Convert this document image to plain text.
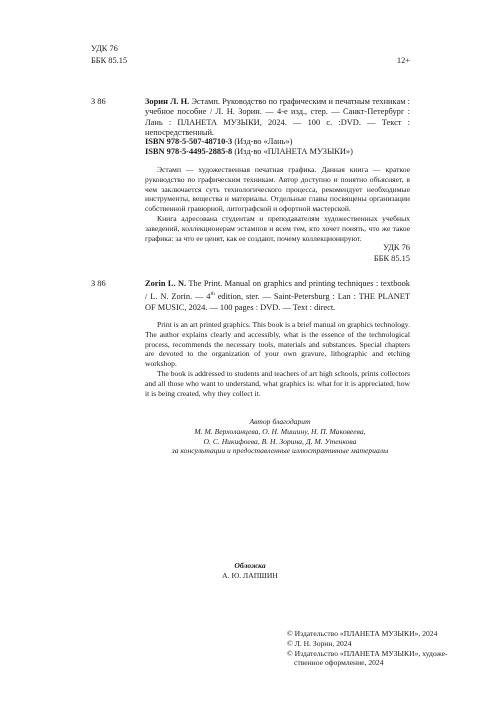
УДК 76
ББК 85.15	12+
З 86	Зорин Л. Н. Эстамп. Руководство по графическим и печатным техникам : учебное пособие / Л. Н. Зорин. — 4-е изд., стер. — Санкт-Петербург : Лань : ПЛАНЕТА МУЗЫКИ, 2024. — 100 с. :DVD. — Текст : непосредственный.
ISBN 978-5-507-48710-3 (Изд-во «Лань»)
ISBN 978-5-4495-2885-8 (Изд-во «ПЛАНЕТА МУЗЫКИ»)

Эстамп — художественная печатная графика. Данная книга — краткое руководство по графическим техникам. Автор доступно и понятно объясняет, в чем заключается суть технологического процесса, рекомендует необходимые инструменты, вещества и материалы. Отдельные главы посвящены организации собственной гравюрной, литографской и офортной мастерской.

Книга адресована студентам и преподавателям художественных учебных заведений, коллекционерам эстампов и всем тем, кто хочет понять, что же такое графика: за что ее ценят, как ее создают, почему коллекционируют.

УДК 76
ББК 85.15
З 86	Zorin L. N. The Print. Manual on graphics and printing techniques : textbook / L. N. Zorin. — 4th edition, ster. — Saint-Petersburg : Lan : THE PLANET OF MUSIC, 2024. — 100 pages : DVD. — Text : direct.

Print is an art printed graphics. This book is a brief manual on graphics technology. The author explains clearly and accessibly, what is the essence of the technological process, recommends the necessary tools, materials and substances. Special chapters are devoted to the organization of your own gravure, lithographic and etching workshop.

The book is addressed to students and teachers of art high schools, prints collectors and all those who want to understand, what graphics is: what for it is appreciated, how it is being created, why they collect it.

Автор благодарит
М. М. Верхоланцева, О. Н. Мишину, Н. П. Маковеева,
О. С. Никифоева, В. Н. Зорина, Д. М. Утенкова
за консультации и предоставленные иллюстративные материалы
Обложка
А. Ю. ЛАПШИН
© Издательство «ПЛАНЕТА МУЗЫКИ», 2024
© Л. Н. Зорин, 2024
© Издательство «ПЛАНЕТА МУЗЫКИ», художе-
ственное оформление, 2024
